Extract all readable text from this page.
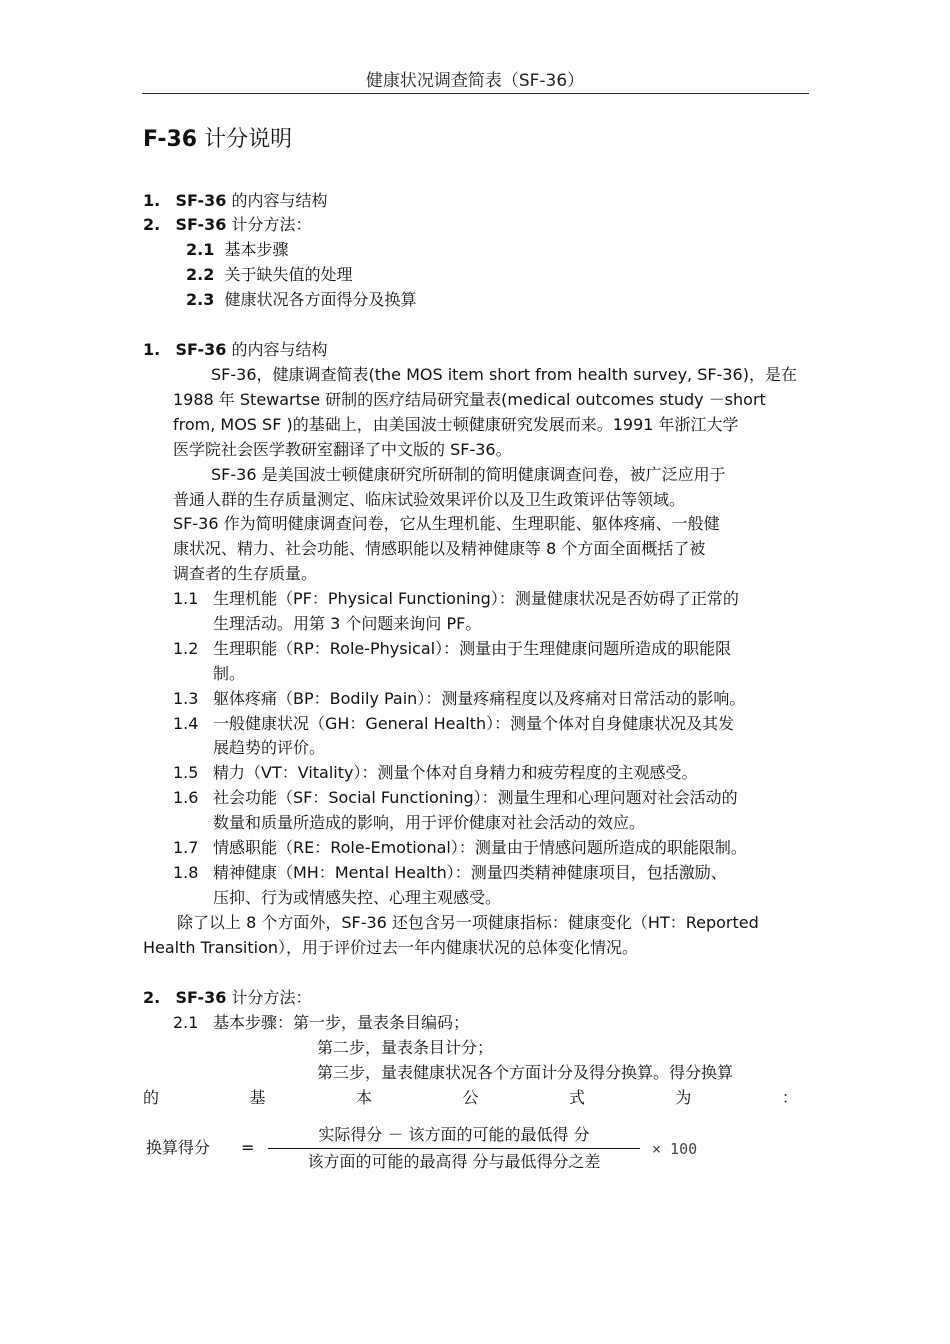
健康状况调查简表（SF-36）
F-36 计分说明
1. SF-36 的内容与结构
2. SF-36 计分方法：
2.1 基本步骤
2.2 关于缺失值的处理
2.3 健康状况各方面得分及换算
1. SF-36 的内容与结构
SF-36，健康调查简表(the MOS item short from health survey, SF-36)，是在
1988 年 Stewartse 研制的医疗结局研究量表(medical outcomes study －short
from, MOS SF )的基础上，由美国波士顿健康研究发展而来。1991 年浙江大学
医学院社会医学教研室翻译了中文版的 SF-36。
SF-36 是美国波士顿健康研究所研制的简明健康调查问卷，被广泛应用于
普通人群的生存质量测定、临床试验效果评价以及卫生政策评估等领域。
SF-36 作为简明健康调查问卷，它从生理机能、生理职能、躯体疼痛、一般健
康状况、精力、社会功能、情感职能以及精神健康等 8 个方面全面概括了被
调查者的生存质量。
1.1 生理机能（PF：Physical Functioning）：测量健康状况是否妨碍了正常的
生理活动。用第 3 个问题来询问 PF。
1.2 生理职能（RP：Role-Physical）：测量由于生理健康问题所造成的职能限
制。
1.3 躯体疼痛（BP：Bodily Pain）：测量疼痛程度以及疼痛对日常活动的影响。
1.4 一般健康状况（GH：General Health）：测量个体对自身健康状况及其发
展趋势的评价。
1.5 精力（VT：Vitality）：测量个体对自身精力和疲劳程度的主观感受。
1.6 社会功能（SF：Social Functioning）：测量生理和心理问题对社会活动的
数量和质量所造成的影响，用于评价健康对社会活动的效应。
1.7 情感职能（RE：Role-Emotional）：测量由于情感问题所造成的职能限制。
1.8 精神健康（MH：Mental Health）：测量四类精神健康项目，包括激励、
压抑、行为或情感失控、心理主观感受。
除了以上 8 个方面外，SF-36 还包含另一项健康指标：健康变化（HT：Reported
Health Transition），用于评价过去一年内健康状况的总体变化情况。
2. SF-36 计分方法：
2.1 基本步骤：第一步，量表条目编码；
第二步，量表条目计分；
第三步，量表健康状况各个方面计分及得分换算。得分换算
的	基	本	公	式	为	：
换算得分 =
实际得分 － 该方面的可能的最低得 分
该方面的可能的最高得 分与最低得分之差
× 100
